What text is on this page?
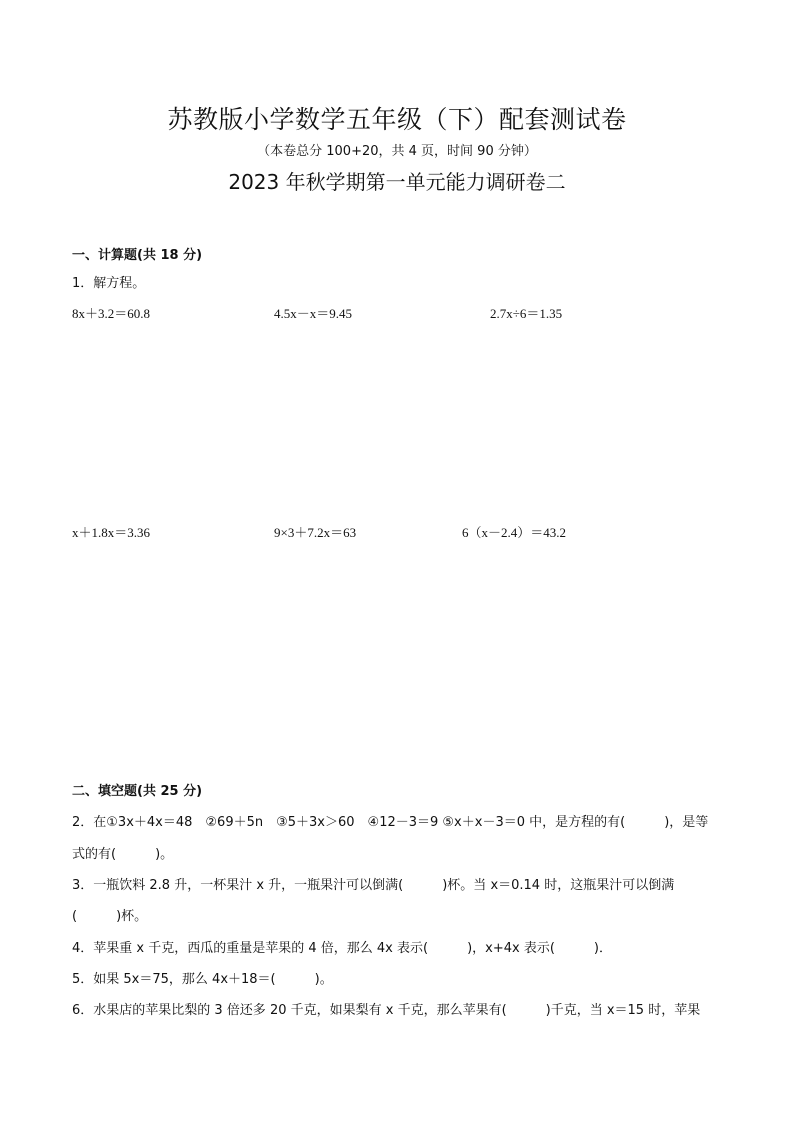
苏教版小学数学五年级（下）配套测试卷
（本卷总分 100+20，共 4 页，时间 90 分钟）
2023 年秋学期第一单元能力调研卷二
一、计算题(共 18 分)
1．解方程。
8x＋3.2＝60.8	4.5x－x＝9.45	2.7x÷6＝1.35
x＋1.8x＝3.36	9×3＋7.2x＝63	6（x－2.4）＝43.2
二、填空题(共 25 分)
2．在①3x＋4x＝48　②69＋5n　③5＋3x＞60　④12－3＝9 ⑤x＋x－3＝0 中，是方程的有(　　　)，是等
式的有(　　　)。
3．一瓶饮料 2.8 升，一杯果汁 x 升，一瓶果汁可以倒满(　　　)杯。当 x＝0.14 时，这瓶果汁可以倒满
(　　　)杯。
4．苹果重 x 千克，西瓜的重量是苹果的 4 倍，那么 4x 表示(　　　)，x+4x 表示(　　　)．
5．如果 5x＝75，那么 4x＋18＝(　　　)。
6．水果店的苹果比梨的 3 倍还多 20 千克，如果梨有 x 千克，那么苹果有(　　　)千克，当 x＝15 时，苹果
